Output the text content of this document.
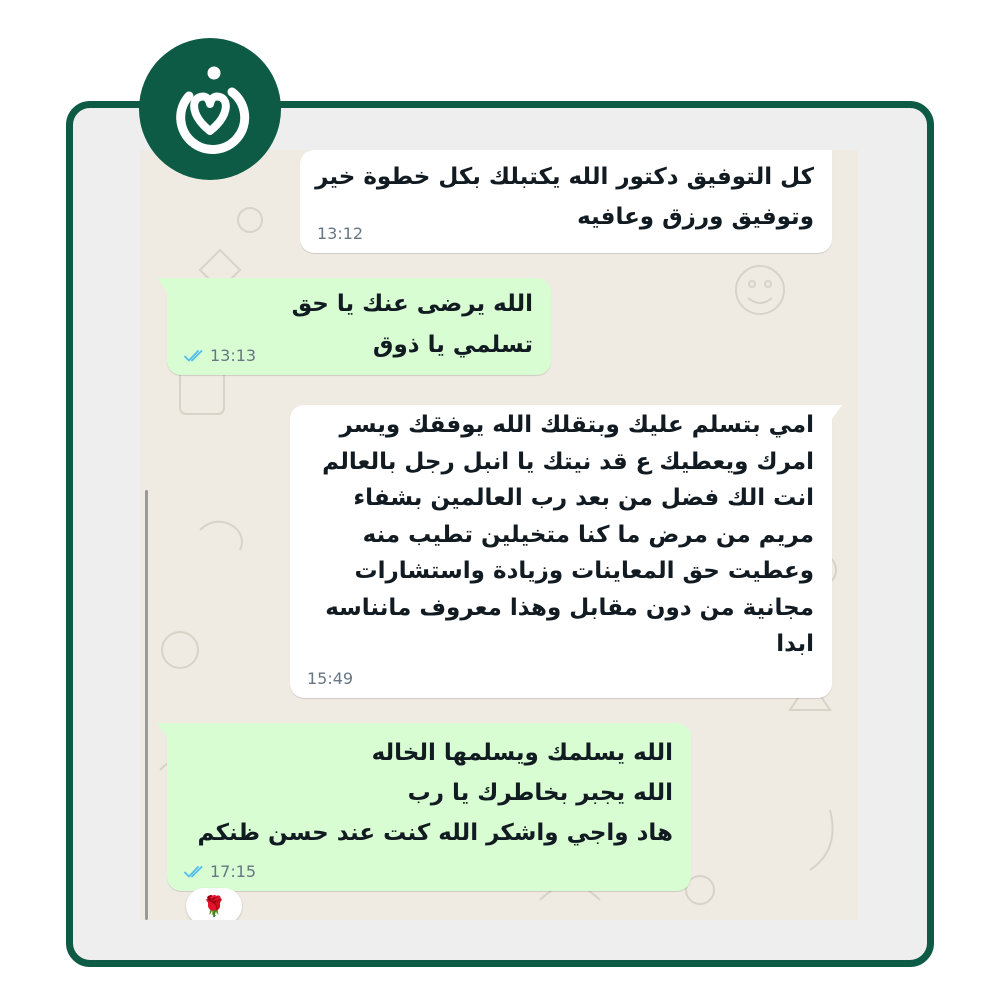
كل التوفيق دكتور الله يكتبلك بكل خطوة خير
وتوفيق ورزق وعافيه
13:12
الله يرضى عنك يا حق
تسلمي يا ذوق
13:13
امي بتسلم عليك وبتقلك الله يوفقك ويسر
امرك ويعطيك ع قد نيتك يا انبل رجل بالعالم
انت الك فضل من بعد رب العالمين بشفاء
مريم من مرض ما كنا متخيلين تطيب منه
وعطيت حق المعاينات وزيادة واستشارات
مجانية من دون مقابل وهذا معروف مانناسه
ابدا
15:49
الله يسلمك ويسلمها الخاله
الله يجبر بخاطرك يا رب
هاد واجي واشكر الله كنت عند حسن ظنكم
17:15
🌹
